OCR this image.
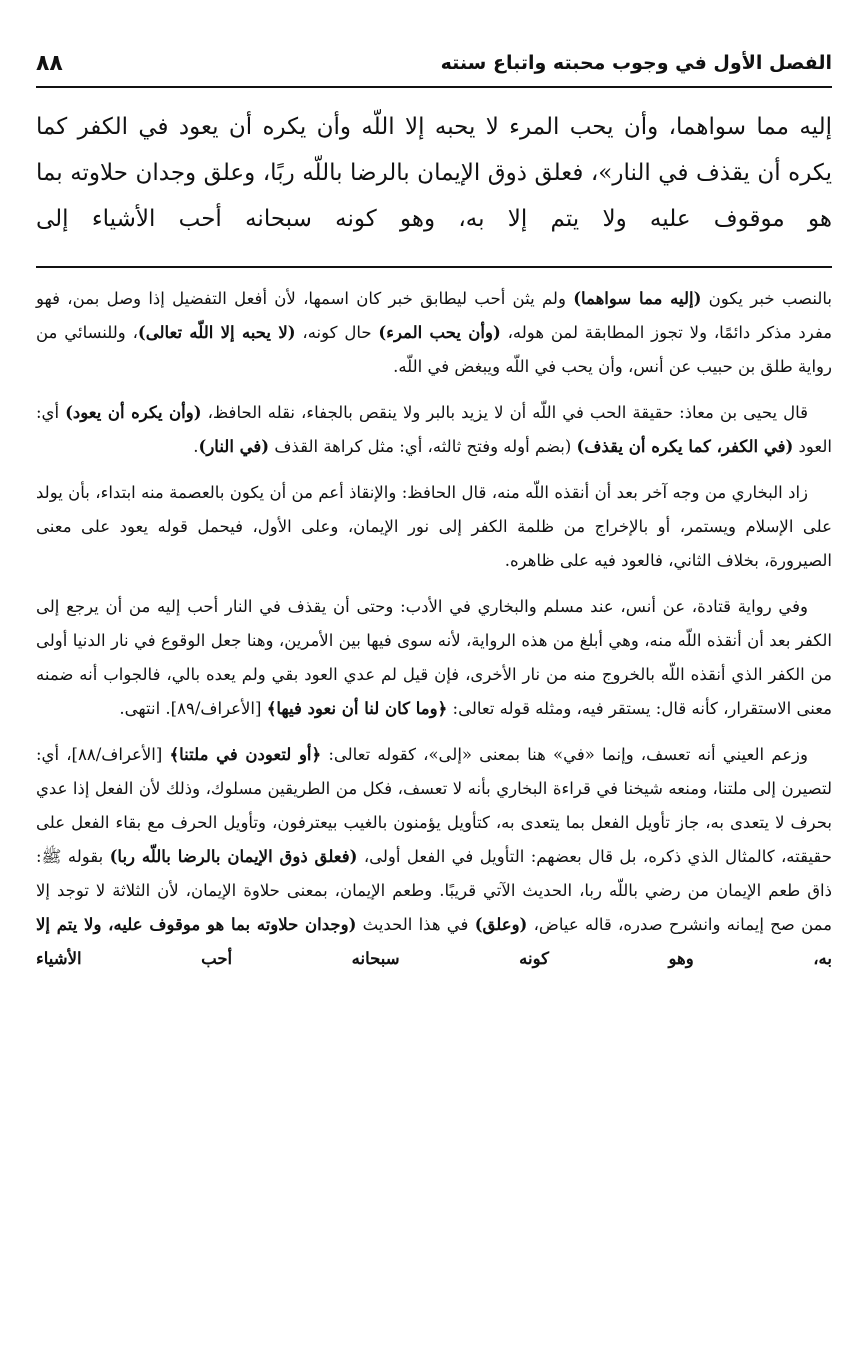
الفصل الأول في وجوب محبته واتباع سنته
٨٨
إليه مما سواهما، وأن يحب المرء لا يحبه إلا اللّه وأن يكره أن يعود في الكفر كما يكره أن يقذف في النار»، فعلق ذوق الإيمان بالرضا باللّه ربًا، وعلق وجدان حلاوته بما هو موقوف عليه ولا يتم إلا به، وهو كونه سبحانه أحب الأشياء إلى

بالنصب خبر يكون (إليه مما سواهما) ولم يثن أحب ليطابق خبر كان اسمها، لأن أفعل التفضيل إذا وصل بمن، فهو مفرد مذكر دائمًا، ولا تجوز المطابقة لمن هوله، (وأن يحب المرء) حال كونه، (لا يحبه إلا اللّه تعالى)، وللنسائي من رواية طلق بن حبيب عن أنس، وأن يحب في اللّه ويبغض في اللّه.

قال يحيى بن معاذ: حقيقة الحب في اللّه أن لا يزيد بالبر ولا ينقص بالجفاء، نقله الحافظ، (وأن يكره أن يعود) أي: العود (في الكفر، كما يكره أن يقذف) (بضم أوله وفتح ثالثه، أي: مثل كراهة القذف (في النار).

زاد البخاري من وجه آخر بعد أن أنقذه اللّه منه، قال الحافظ: والإنقاذ أعم من أن يكون بالعصمة منه ابتداء، بأن يولد على الإسلام ويستمر، أو بالإخراج من ظلمة الكفر إلى نور الإيمان، وعلى الأول، فيحمل قوله يعود على معنى الصيرورة، بخلاف الثاني، فالعود فيه على ظاهره.

وفي رواية قتادة، عن أنس، عند مسلم والبخاري في الأدب: وحتى أن يقذف في النار أحب إليه من أن يرجع إلى الكفر بعد أن أنقذه اللّه منه، وهي أبلغ من هذه الرواية، لأنه سوى فيها بين الأمرين، وهنا جعل الوقوع في نار الدنيا أولى من الكفر الذي أنقذه اللّه بالخروج منه من نار الأخرى، فإن قيل لم عدي العود بقي ولم يعده بالي، فالجواب أنه ضمنه معنى الاستقرار، كأنه قال: يستقر فيه، ومثله قوله تعالى: ﴿وما كان لنا أن نعود فيها﴾ [الأعراف/٨٩]. انتهى.

وزعم العيني أنه تعسف، وإنما «في» هنا بمعنى «إلى»، كقوله تعالى: ﴿أو لتعودن في ملتنا﴾ [الأعراف/٨٨]، أي: لتصيرن إلى ملتنا، ومنعه شيخنا في قراءة البخاري بأنه لا تعسف، فكل من الطريقين مسلوك، وذلك لأن الفعل إذا عدي بحرف لا يتعدى به، جاز تأويل الفعل بما يتعدى به، كتأويل يؤمنون بالغيب بيعترفون، وتأويل الحرف مع بقاء الفعل على حقيقته، كالمثال الذي ذكره، بل قال بعضهم: التأويل في الفعل أولى، (فعلق ذوق الإيمان بالرضا باللّه ربا) بقوله ﷺ: ذاق طعم الإيمان من رضي باللّه ربا، الحديث الآتي قريبًا. وطعم الإيمان، بمعنى حلاوة الإيمان، لأن الثلاثة لا توجد إلا ممن صح إيمانه وانشرح صدره، قاله عياض، (وعلق) في هذا الحديث (وجدان حلاوته بما هو موقوف عليه، ولا يتم إلا به، وهو كونه سبحانه أحب الأشياء
